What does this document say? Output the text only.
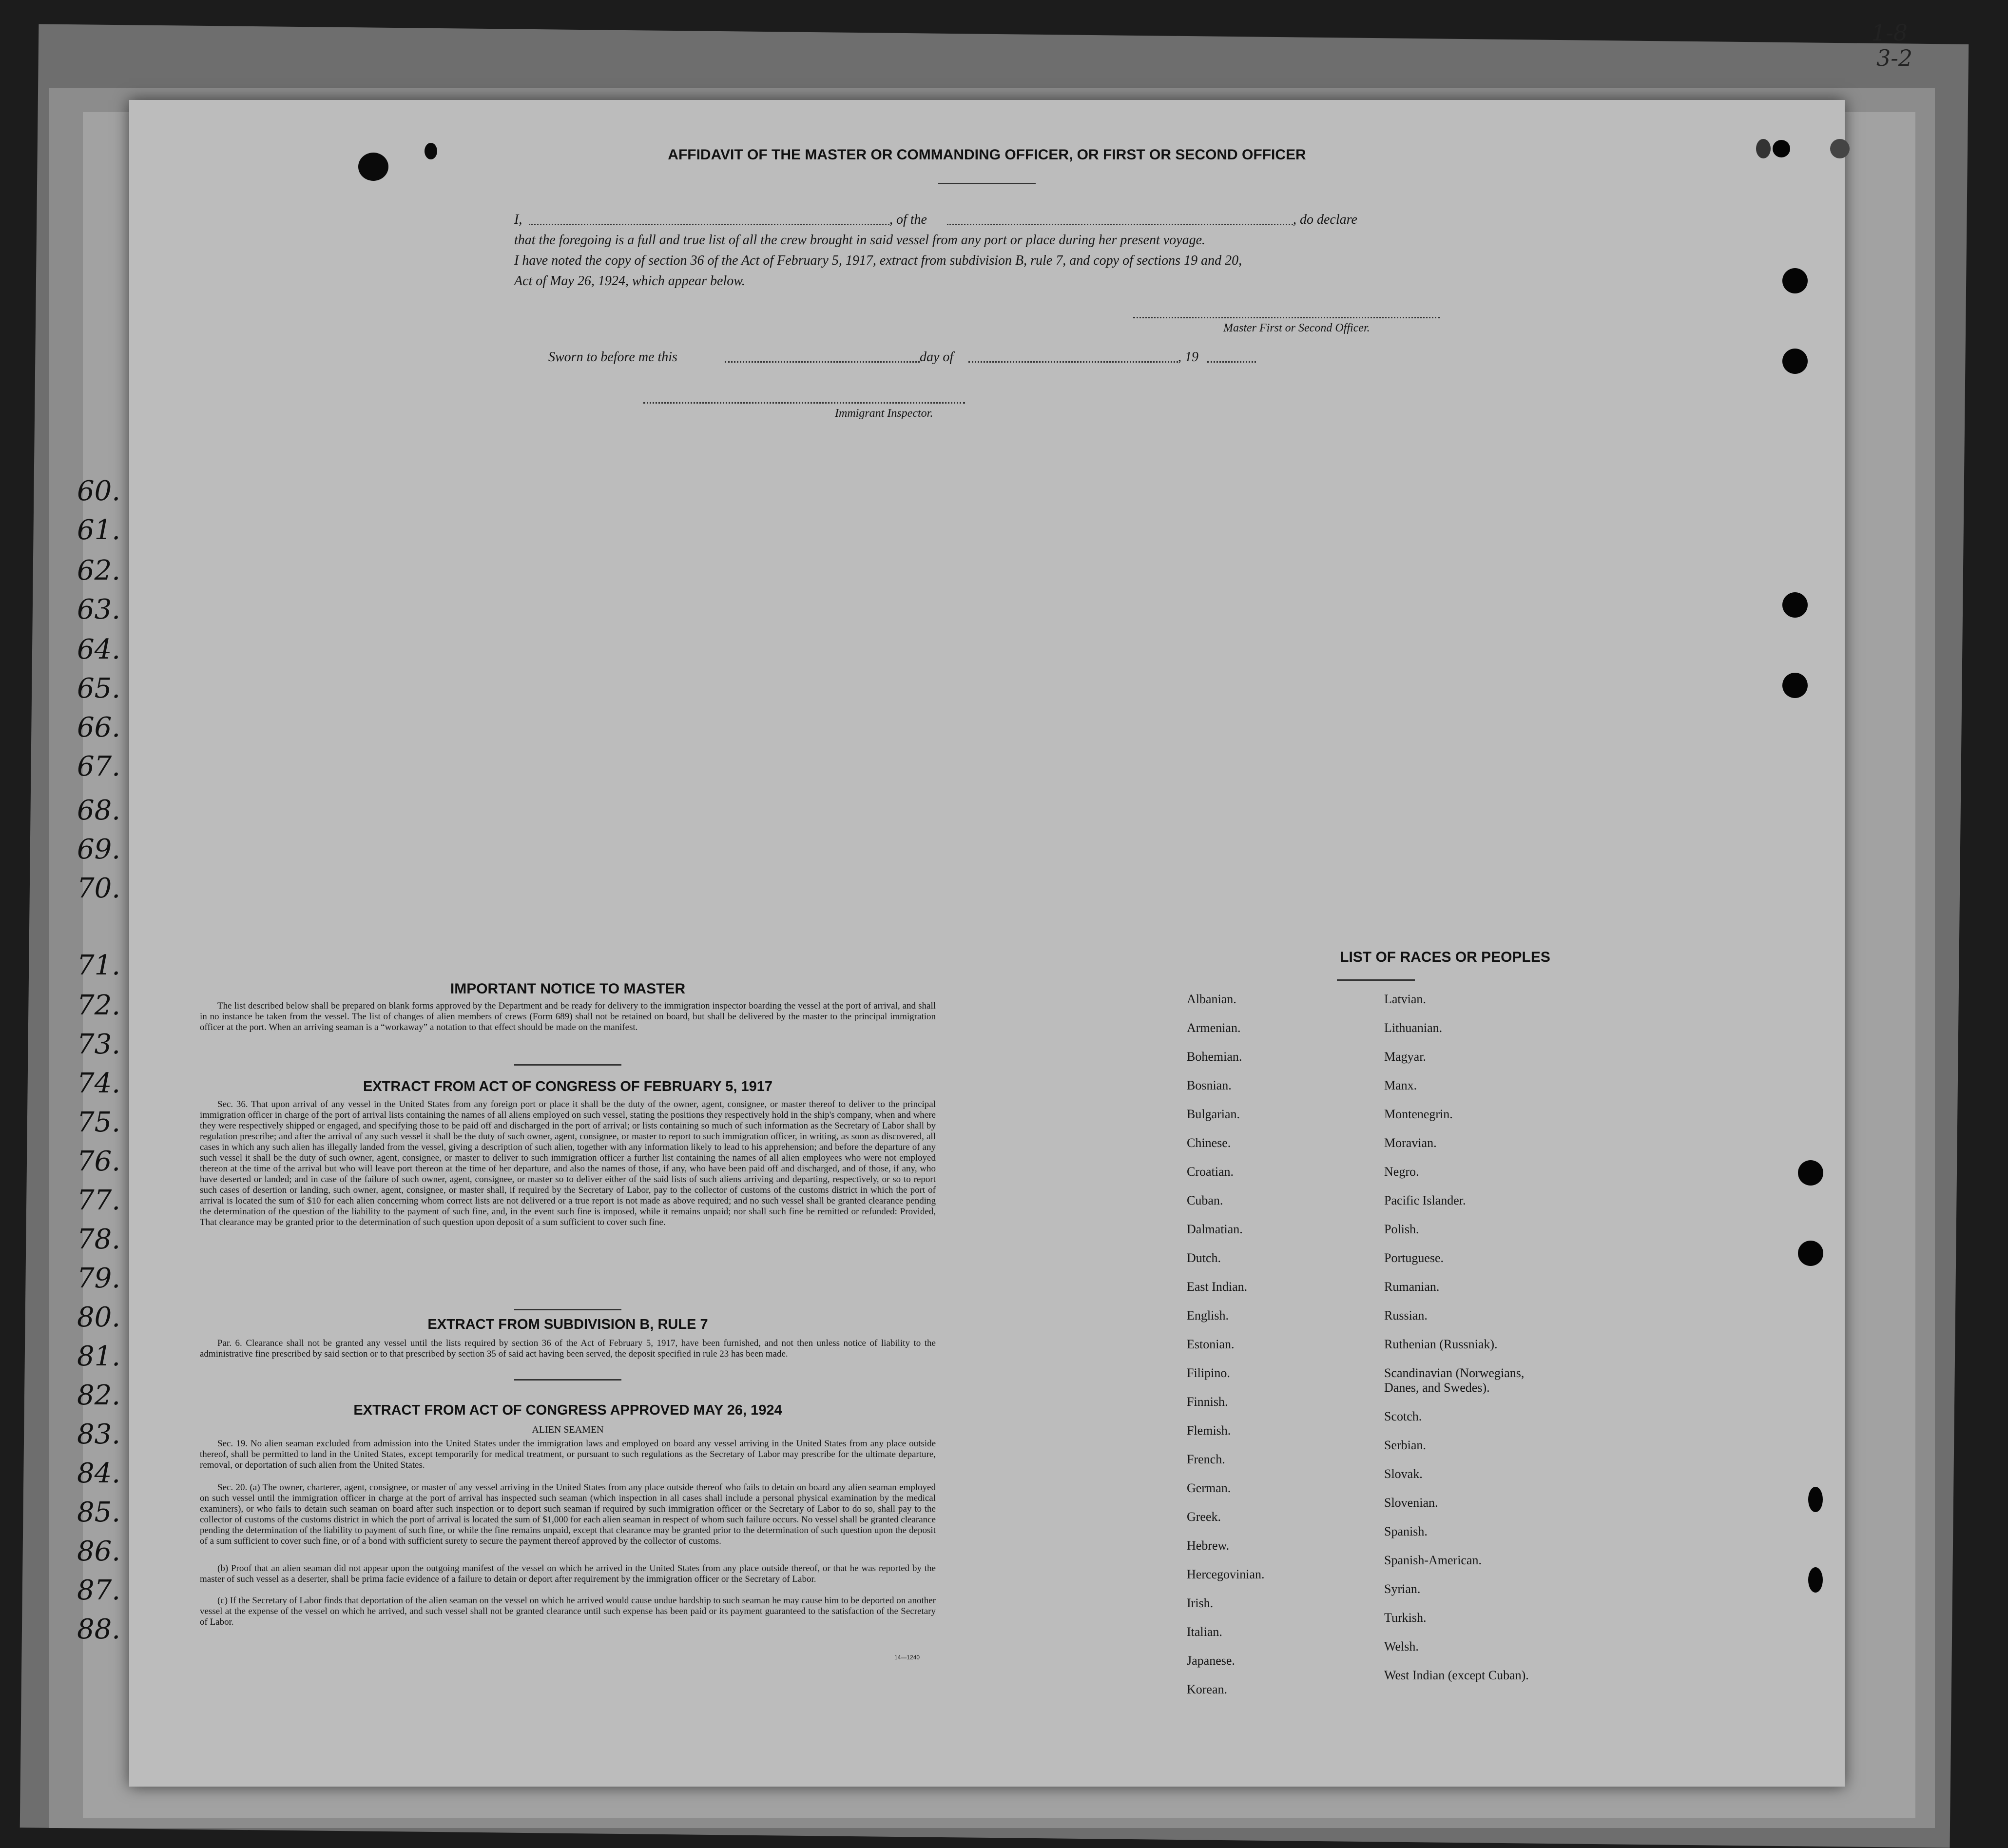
1-8
3-2
60.
61.
62.
63.
64.
65.
66.
67.
68.
69.
70.
71.
72.
73.
74.
75.
76.
77.
78.
79.
80.
81.
82.
83.
84.
85.
86.
87.
88.
AFFIDAVIT OF THE MASTER OR COMMANDING OFFICER, OR FIRST OR SECOND OFFICER
I,	, of the	, do declare
that the foregoing is a full and true list of all the crew brought in said vessel from any port or place during her present voyage.
I have noted the copy of section 36 of the Act of February 5, 1917, extract from subdivision B, rule 7, and copy of sections 19 and 20,
Act of May 26, 1924, which appear below.
Master First or Second Officer.
Sworn to before me this	day of	, 19
Immigrant Inspector.
IMPORTANT NOTICE TO MASTER

The list described below shall be prepared on blank forms approved by the Department and be ready for delivery to the immigration inspector boarding the vessel at the port of arrival, and shall in no instance be taken from the vessel. The list of changes of alien members of crews (Form 689) shall not be retained on board, but shall be delivered by the master to the principal immigration officer at the port. When an arriving seaman is a “workaway” a notation to that effect should be made on the manifest.

EXTRACT FROM ACT OF CONGRESS OF FEBRUARY 5, 1917

Sec. 36. That upon arrival of any vessel in the United States from any foreign port or place it shall be the duty of the owner, agent, consignee, or master thereof to deliver to the principal immigration officer in charge of the port of arrival lists containing the names of all aliens employed on such vessel, stating the positions they respectively hold in the ship's company, when and where they were respectively shipped or engaged, and specifying those to be paid off and discharged in the port of arrival; or lists containing so much of such information as the Secretary of Labor shall by regulation prescribe; and after the arrival of any such vessel it shall be the duty of such owner, agent, consignee, or master to report to such immigration officer, in writing, as soon as discovered, all cases in which any such alien has illegally landed from the vessel, giving a description of such alien, together with any information likely to lead to his apprehension; and before the departure of any such vessel it shall be the duty of such owner, agent, consignee, or master to deliver to such immigration officer a further list containing the names of all alien employees who were not employed thereon at the time of the arrival but who will leave port thereon at the time of her departure, and also the names of those, if any, who have been paid off and discharged, and of those, if any, who have deserted or landed; and in case of the failure of such owner, agent, consignee, or master so to deliver either of the said lists of such aliens arriving and departing, respectively, or so to report such cases of desertion or landing, such owner, agent, consignee, or master shall, if required by the Secretary of Labor, pay to the collector of customs of the customs district in which the port of arrival is located the sum of $10 for each alien concerning whom correct lists are not delivered or a true report is not made as above required; and no such vessel shall be granted clearance pending the determination of the question of the liability to the payment of such fine, and, in the event such fine is imposed, while it remains unpaid; nor shall such fine be remitted or refunded: Provided, That clearance may be granted prior to the determination of such question upon deposit of a sum sufficient to cover such fine.

EXTRACT FROM SUBDIVISION B, RULE 7

Par. 6. Clearance shall not be granted any vessel until the lists required by section 36 of the Act of February 5, 1917, have been furnished, and not then unless notice of liability to the administrative fine prescribed by said section or to that prescribed by section 35 of said act having been served, the deposit specified in rule 23 has been made.

EXTRACT FROM ACT OF CONGRESS APPROVED MAY 26, 1924
ALIEN SEAMEN

Sec. 19. No alien seaman excluded from admission into the United States under the immigration laws and employed on board any vessel arriving in the United States from any place outside thereof, shall be permitted to land in the United States, except temporarily for medical treatment, or pursuant to such regulations as the Secretary of Labor may prescribe for the ultimate departure, removal, or deportation of such alien from the United States.

Sec. 20. (a) The owner, charterer, agent, consignee, or master of any vessel arriving in the United States from any place outside thereof who fails to detain on board any alien seaman employed on such vessel until the immigration officer in charge at the port of arrival has inspected such seaman (which inspection in all cases shall include a personal physical examination by the medical examiners), or who fails to detain such seaman on board after such inspection or to deport such seaman if required by such immigration officer or the Secretary of Labor to do so, shall pay to the collector of customs of the customs district in which the port of arrival is located the sum of $1,000 for each alien seaman in respect of whom such failure occurs. No vessel shall be granted clearance pending the determination of the liability to payment of such fine, or while the fine remains unpaid, except that clearance may be granted prior to the determination of such question upon the deposit of a sum sufficient to cover such fine, or of a bond with sufficient surety to secure the payment thereof approved by the collector of customs.

(b) Proof that an alien seaman did not appear upon the outgoing manifest of the vessel on which he arrived in the United States from any place outside thereof, or that he was reported by the master of such vessel as a deserter, shall be prima facie evidence of a failure to detain or deport after requirement by the immigration officer or the Secretary of Labor.

(c) If the Secretary of Labor finds that deportation of the alien seaman on the vessel on which he arrived would cause undue hardship to such seaman he may cause him to be deported on another vessel at the expense of the vessel on which he arrived, and such vessel shall not be granted clearance until such expense has been paid or its payment guaranteed to the satisfaction of the Secretary of Labor.

14—1240
LIST OF RACES OR PEOPLES
Albanian.
Armenian.
Bohemian.
Bosnian.
Bulgarian.
Chinese.
Croatian.
Cuban.
Dalmatian.
Dutch.
East Indian.
English.
Estonian.
Filipino.
Finnish.
Flemish.
French.
German.
Greek.
Hebrew.
Hercegovinian.
Irish.
Italian.
Japanese.
Korean.
Latvian.
Lithuanian.
Magyar.
Manx.
Montenegrin.
Moravian.
Negro.
Pacific Islander.
Polish.
Portuguese.
Rumanian.
Russian.
Ruthenian (Russniak).
Scandinavian (Norwegians, Danes, and Swedes).
Scotch.
Serbian.
Slovak.
Slovenian.
Spanish.
Spanish-American.
Syrian.
Turkish.
Welsh.
West Indian (except Cuban).
